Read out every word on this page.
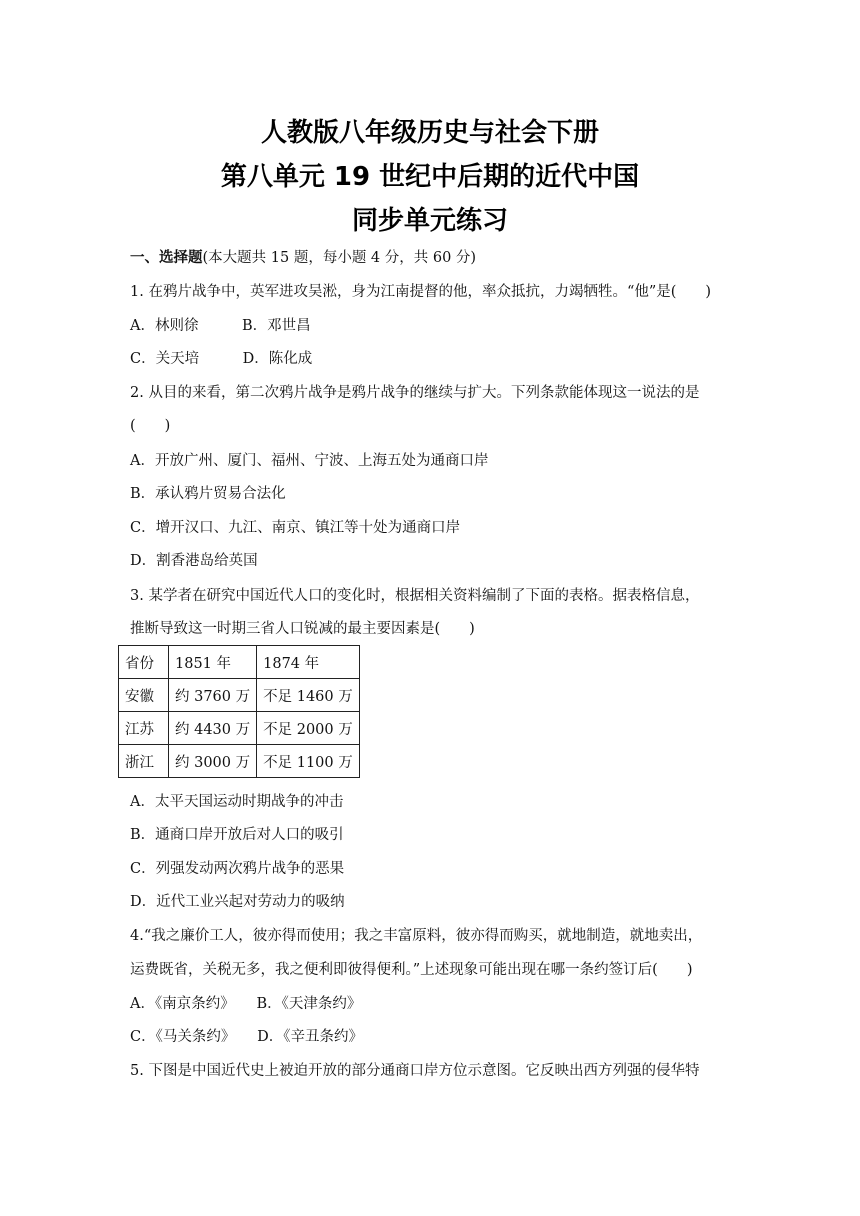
人教版八年级历史与社会下册
第八单元 19 世纪中后期的近代中国
同步单元练习
一、选择题(本大题共 15 题，每小题 4 分，共 60 分)
1. 在鸦片战争中，英军进攻吴淞，身为江南提督的他，率众抵抗，力竭牺牲。“他”是(　　)
A．林则徐　　　B．邓世昌
C．关天培　　　D．陈化成
2. 从目的来看，第二次鸦片战争是鸦片战争的继续与扩大。下列条款能体现这一说法的是
(　　)
A．开放广州、厦门、福州、宁波、上海五处为通商口岸
B．承认鸦片贸易合法化
C．增开汉口、九江、南京、镇江等十处为通商口岸
D．割香港岛给英国
3. 某学者在研究中国近代人口的变化时，根据相关资料编制了下面的表格。据表格信息，
推断导致这一时期三省人口锐减的最主要因素是(　　)
省份	1851 年	1874 年
安徽	约 3760 万	不足 1460 万
江苏	约 4430 万	不足 2000 万
浙江	约 3000 万	不足 1100 万
A．太平天国运动时期战争的冲击
B．通商口岸开放后对人口的吸引
C．列强发动两次鸦片战争的恶果
D．近代工业兴起对劳动力的吸纳
4.“我之廉价工人，彼亦得而使用；我之丰富原料，彼亦得而购买，就地制造，就地卖出，
运费既省，关税无多，我之便利即彼得便利。”上述现象可能出现在哪一条约签订后(　　)
A．《南京条约》　　B．《天津条约》
C．《马关条约》　　D．《辛丑条约》
5. 下图是中国近代史上被迫开放的部分通商口岸方位示意图。它反映出西方列强的侵华特
